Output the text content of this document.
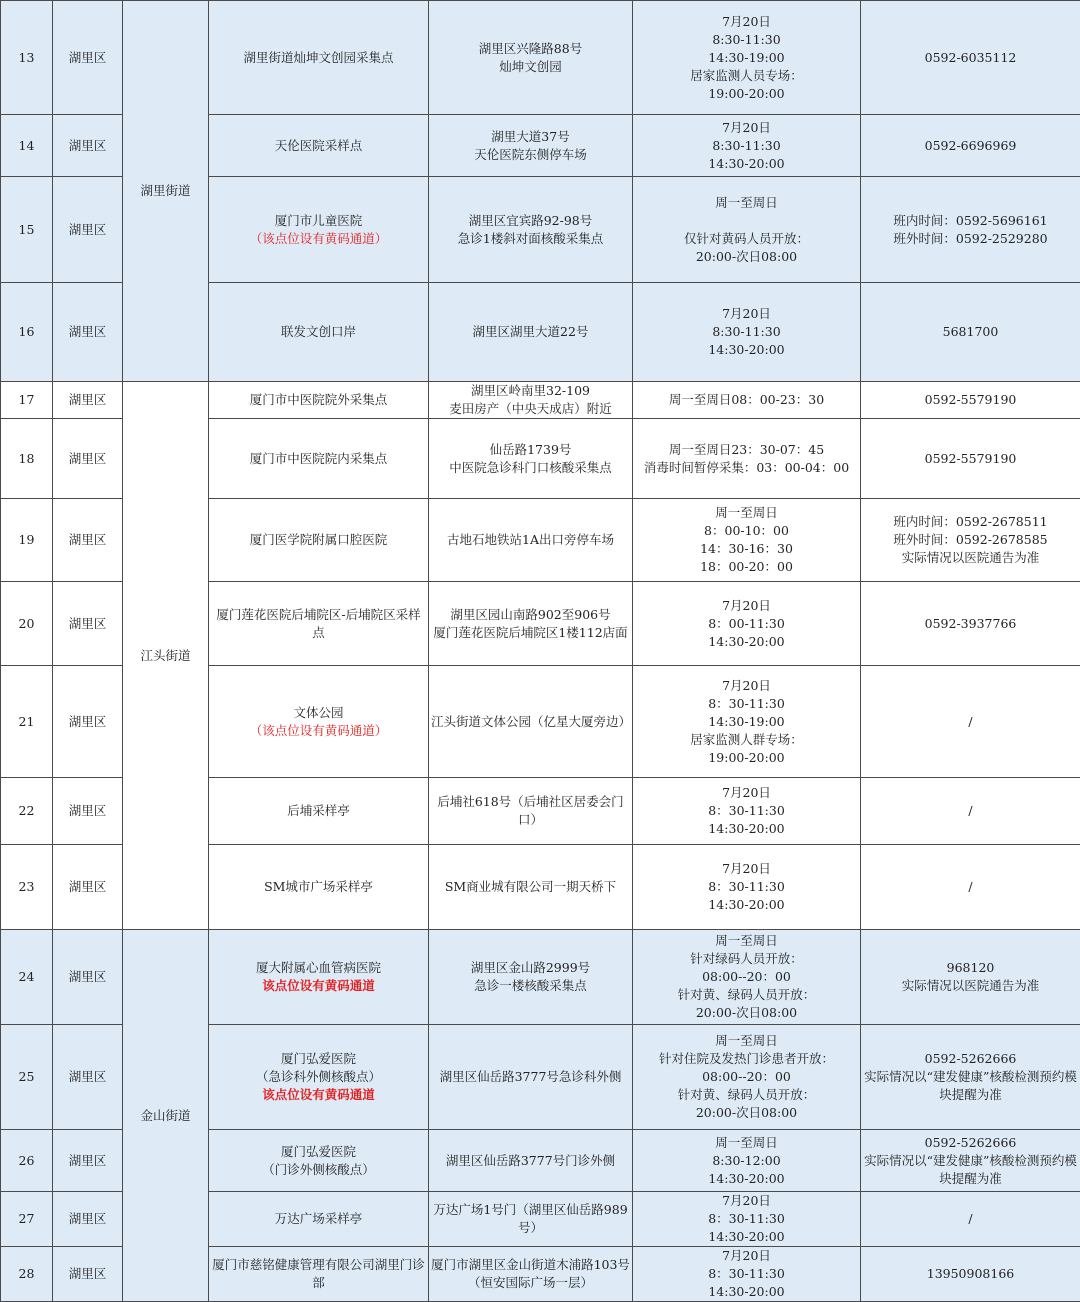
13	湖里区	湖里街道	湖里街道灿坤文创园采集点	湖里区兴隆路88号
灿坤文创园	7月20日
8:30-11:30
14:30-19:00
居家监测人员专场：
19:00-20:00	0592-6035112
14	湖里区		天伦医院采样点	湖里大道37号
天伦医院东侧停车场	7月20日
8:30-11:30
14:30-20:00	0592-6696969
15	湖里区		厦门市儿童医院
（该点位设有黄码通道）	湖里区宜宾路92-98号
急诊1楼斜对面核酸采集点	周一至周日

仅针对黄码人员开放：
20:00-次日08:00	班内时间：0592-5696161
班外时间：0592-2529280
16	湖里区		联发文创口岸	湖里区湖里大道22号	7月20日
8:30-11:30
14:30-20:00	5681700
17	湖里区	江头街道	厦门市中医院院外采集点	湖里区岭南里32-109
麦田房产（中央天成店）附近	周一至周日08：00-23：30	0592-5579190
18	湖里区		厦门市中医院院内采集点	仙岳路1739号
中医院急诊科门口核酸采集点	周一至周日23：30-07：45
消毒时间暂停采集：03：00-04：00	0592-5579190
19	湖里区		厦门医学院附属口腔医院	古地石地铁站1A出口旁停车场	周一至周日
8：00-10：00
14：30-16：30
18：00-20：00	班内时间：0592-2678511
班外时间：0592-2678585
实际情况以医院通告为准
20	湖里区		厦门莲花医院后埔院区-后埔院区采样点	湖里区园山南路902至906号
厦门莲花医院后埔院区1楼112店面	7月20日
8：00-11:30
14:30-20:00	0592-3937766
21	湖里区		文体公园
（该点位设有黄码通道）	江头街道文体公园（亿星大厦旁边）	7月20日
8：30-11:30
14:30-19:00
居家监测人群专场：
19:00-20:00	/
22	湖里区		后埔采样亭	后埔社618号（后埔社区居委会门口）	7月20日
8：30-11:30
14:30-20:00	/
23	湖里区		SM城市广场采样亭	SM商业城有限公司一期天桥下	7月20日
8：30-11:30
14:30-20:00	/
24	湖里区	金山街道	厦大附属心血管病医院
该点位设有黄码通道	湖里区金山路2999号
急诊一楼核酸采集点	周一至周日
针对绿码人员开放：
08:00--20：00
针对黄、绿码人员开放：
20:00-次日08:00	968120
实际情况以医院通告为准
25	湖里区		厦门弘爱医院
（急诊科外侧核酸点）
该点位设有黄码通道	湖里区仙岳路3777号急诊科外侧	周一至周日
针对住院及发热门诊患者开放：
08:00--20：00
针对黄、绿码人员开放：
20:00-次日08:00	0592-5262666
实际情况以“建发健康”核酸检测预约模块提醒为准
26	湖里区		厦门弘爱医院
（门诊外侧核酸点）	湖里区仙岳路3777号门诊外侧	周一至周日
8:30-12:00
14:30-20:00	0592-5262666
实际情况以“建发健康”核酸检测预约模块提醒为准
27	湖里区		万达广场采样亭	万达广场1号门（湖里区仙岳路989号）	7月20日
8：30-11:30
14:30-20:00	/
28	湖里区		厦门市慈铭健康管理有限公司湖里门诊部	厦门市湖里区金山街道木浦路103号（恒安国际广场一层）	7月20日
8：30-11:30
14:30-20:00	13950908166
